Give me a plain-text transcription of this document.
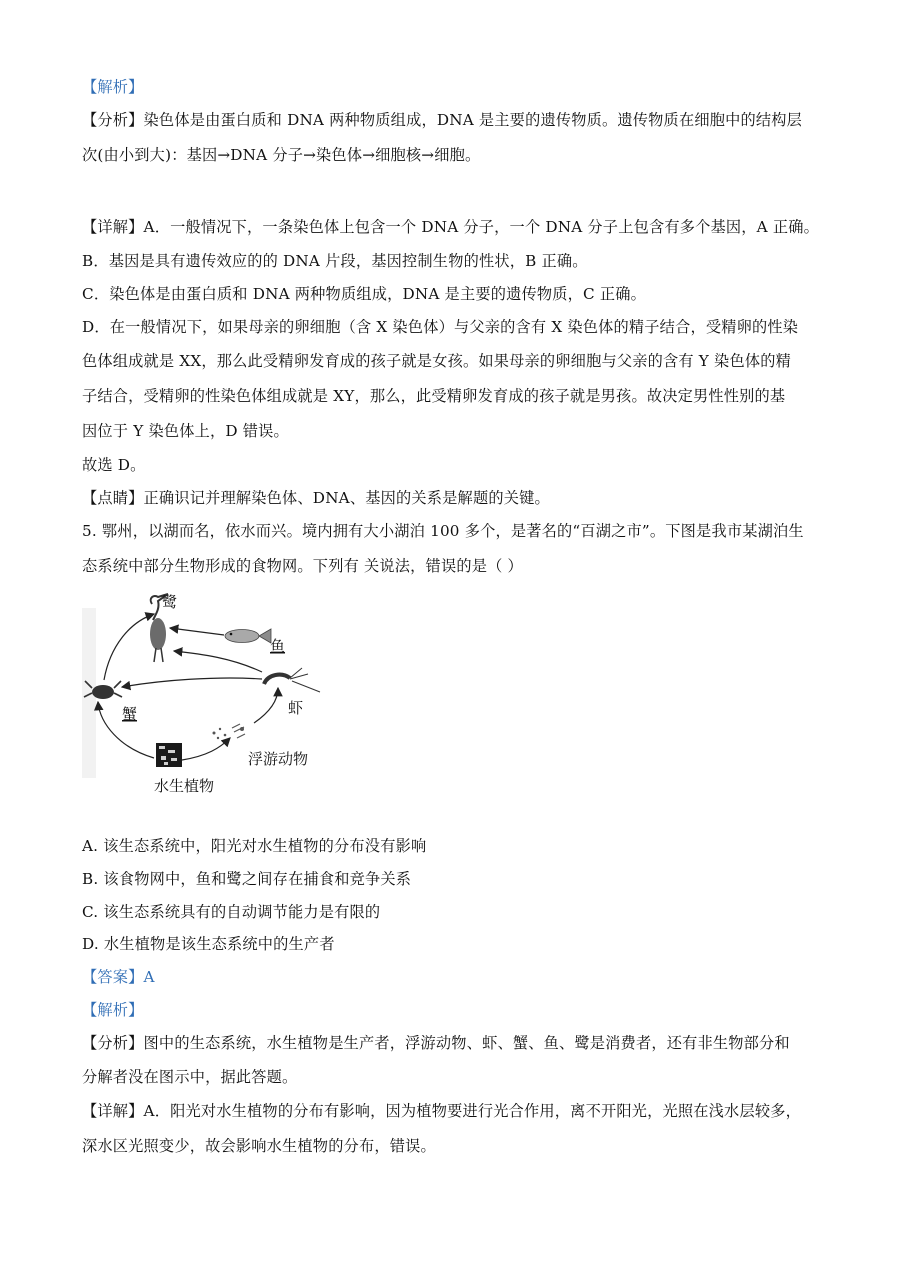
【解析】

【分析】染色体是由蛋白质和 DNA 两种物质组成，DNA 是主要的遗传物质。遗传物质在细胞中的结构层

次(由小到大)：基因→DNA 分子→染色体→细胞核→细胞。

【详解】A．一般情况下，一条染色体上包含一个 DNA 分子，一个 DNA 分子上包含有多个基因，A 正确。

B．基因是具有遗传效应的的 DNA 片段，基因控制生物的性状，B 正确。

C．染色体是由蛋白质和 DNA 两种物质组成，DNA 是主要的遗传物质，C 正确。

D．在一般情况下，如果母亲的卵细胞（含 X 染色体）与父亲的含有 X 染色体的精子结合，受精卵的性染

色体组成就是 XX，那么此受精卵发育成的孩子就是女孩。如果母亲的卵细胞与父亲的含有 Y 染色体的精

子结合，受精卵的性染色体组成就是 XY，那么，此受精卵发育成的孩子就是男孩。故决定男性性别的基

因位于 Y 染色体上，D 错误。

故选 D。

【点睛】正确识记并理解染色体、DNA、基因的关系是解题的关键。

5. 鄂州，以湖而名，依水而兴。境内拥有大小湖泊 100 多个，是著名的“百湖之市”。下图是我市某湖泊生

态系统中部分生物形成的食物网。下列有 关说法，错误的是（ ）

鹭
鱼
虾
蟹
浮游动物
水生植物

A. 该生态系统中，阳光对水生植物的分布没有影响

B. 该食物网中，鱼和鹭之间存在捕食和竞争关系

C. 该生态系统具有的自动调节能力是有限的

D. 水生植物是该生态系统中的生产者

【答案】A

【解析】

【分析】图中的生态系统，水生植物是生产者，浮游动物、虾、蟹、鱼、鹭是消费者，还有非生物部分和

分解者没在图示中，据此答题。

【详解】A．阳光对水生植物的分布有影响，因为植物要进行光合作用，离不开阳光，光照在浅水层较多，

深水区光照变少，故会影响水生植物的分布，错误。
